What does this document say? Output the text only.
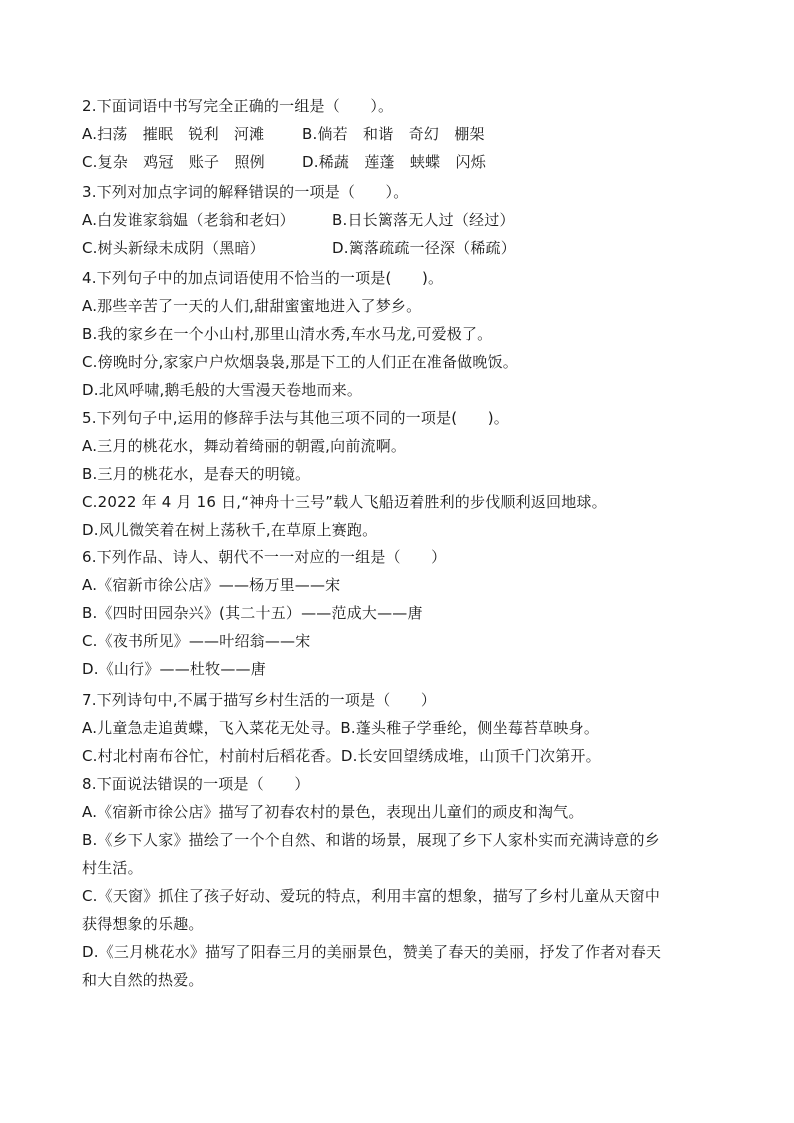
2.下面词语中书写完全正确的一组是（　　）。
A.扫荡　摧眠　锐利　河滩	B.倘若　和谐　奇幻　棚架
C.复杂　鸡冠　账子　照例	D.稀蔬　莲蓬　蛱蝶　闪烁
3.下列对加点字词的解释错误的一项是（　　）。
A.白发谁家翁媪（老翁和老妇）	B.日长篱落无人过（经过）
C.树头新绿未成阴（黑暗）	D.篱落疏疏一径深（稀疏）
4.下列句子中的加点词语使用不恰当的一项是(　　)。
A.那些辛苦了一天的人们,甜甜蜜蜜地进入了梦乡。
B.我的家乡在一个小山村,那里山清水秀,车水马龙,可爱极了。
C.傍晚时分,家家户户炊烟袅袅,那是下工的人们正在准备做晚饭。
D.北风呼啸,鹅毛般的大雪漫天卷地而来。
5.下列句子中,运用的修辞手法与其他三项不同的一项是(　　)。
A.三月的桃花水，舞动着绮丽的朝霞,向前流啊。
B.三月的桃花水，是春天的明镜。
C.2022 年 4 月 16 日,“神舟十三号”载人飞船迈着胜利的步伐顺利返回地球。
D.风儿微笑着在树上荡秋千,在草原上赛跑。
6.下列作品、诗人、朝代不一一对应的一组是（　　）
A.《宿新市徐公店》——杨万里——宋
B.《四时田园杂兴》(其二十五）——范成大——唐
C.《夜书所见》——叶绍翁——宋
D.《山行》——杜牧——唐
7.下列诗句中,不属于描写乡村生活的一项是（　　）
A.儿童急走追黄蝶，飞入菜花无处寻。B.蓬头稚子学垂纶，侧坐莓苔草映身。
C.村北村南布谷忙，村前村后稻花香。D.长安回望绣成堆，山顶千门次第开。
8.下面说法错误的一项是（　　）
A.《宿新市徐公店》描写了初春农村的景色，表现出儿童们的顽皮和淘气。
B.《乡下人家》描绘了一个个自然、和谐的场景，展现了乡下人家朴实而充满诗意的乡
村生活。
C.《天窗》抓住了孩子好动、爱玩的特点，利用丰富的想象，描写了乡村儿童从天窗中
获得想象的乐趣。
D.《三月桃花水》描写了阳春三月的美丽景色，赞美了春天的美丽，抒发了作者对春天
和大自然的热爱。
